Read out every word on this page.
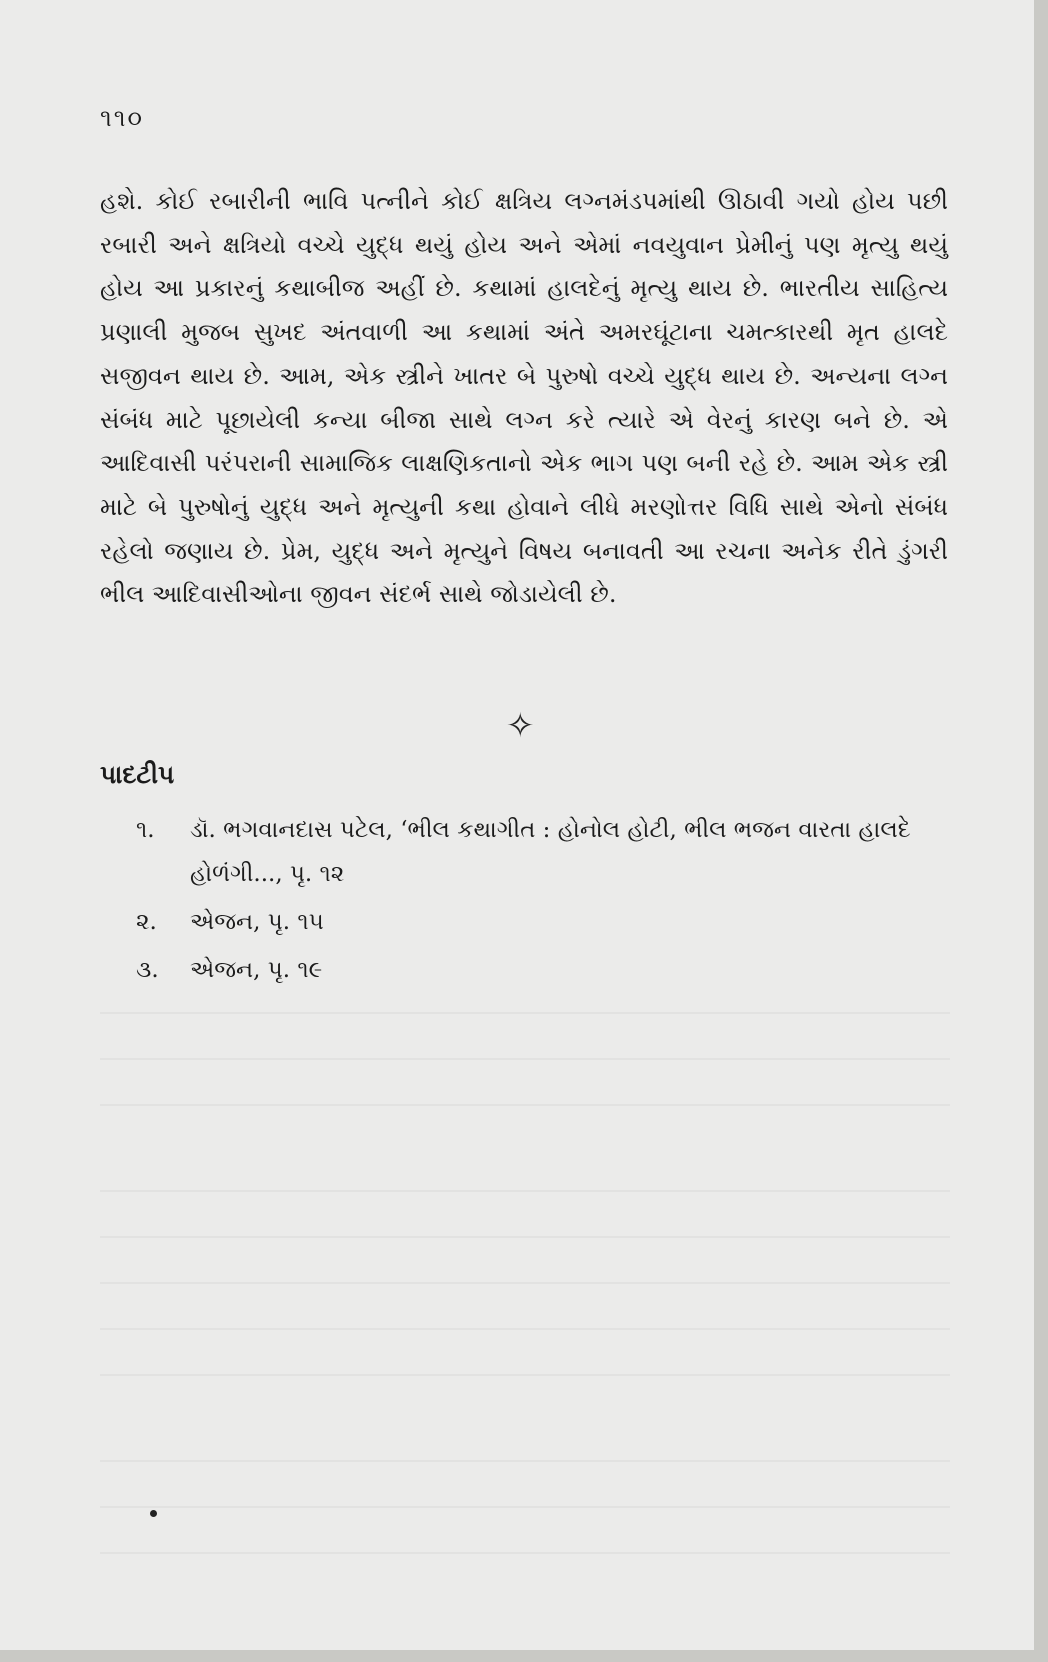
૧૧૦

હશે. કોઈ રબારીની ભાવિ પત્નીને કોઈ ક્ષત્રિય લગ્નમંડપમાંથી ઊઠાવી ગયો હોય પછી રબારી અને ક્ષત્રિયો વચ્ચે યુદ્ધ થયું હોય અને એમાં નવયુવાન પ્રેમીનું પણ મૃત્યુ થયું હોય આ પ્રકારનું કથાબીજ અહીં છે. કથામાં હાલદેનું મૃત્યુ થાય છે. ભારતીય સાહિત્ય પ્રણાલી મુજબ સુખદ અંતવાળી આ કથામાં અંતે અમરઘૂંટાના ચમત્કારથી મૃત હાલદે સજીવન થાય છે. આમ, એક સ્ત્રીને ખાતર બે પુરુષો વચ્ચે યુદ્ધ થાય છે. અન્યના લગ્ન સંબંધ માટે પૂછાયેલી કન્યા બીજા સાથે લગ્ન કરે ત્યારે એ વેરનું કારણ બને છે. એ આદિવાસી પરંપરાની સામાજિક લાક્ષણિકતાનો એક ભાગ પણ બની રહે છે. આમ એક સ્ત્રી માટે બે પુરુષોનું યુદ્ધ અને મૃત્યુની કથા હોવાને લીધે મરણોત્તર વિધિ સાથે એનો સંબંધ રહેલો જણાય છે. પ્રેમ, યુદ્ધ અને મૃત્યુને વિષય બનાવતી આ રચના અનેક રીતે ડુંગરી ભીલ આદિવાસીઓના જીવન સંદર્ભ સાથે જોડાયેલી છે.

✧
પાદટીપ
૧.	ડૉ. ભગવાનદાસ પટેલ, ‘ભીલ કથાગીત : હોનોલ હોટી, ભીલ ભજન વારતા હાલદે હોળંગી..., પૃ. ૧૨
૨.	એજન, પૃ. ૧૫
૩.	એજન, પૃ. ૧૯
